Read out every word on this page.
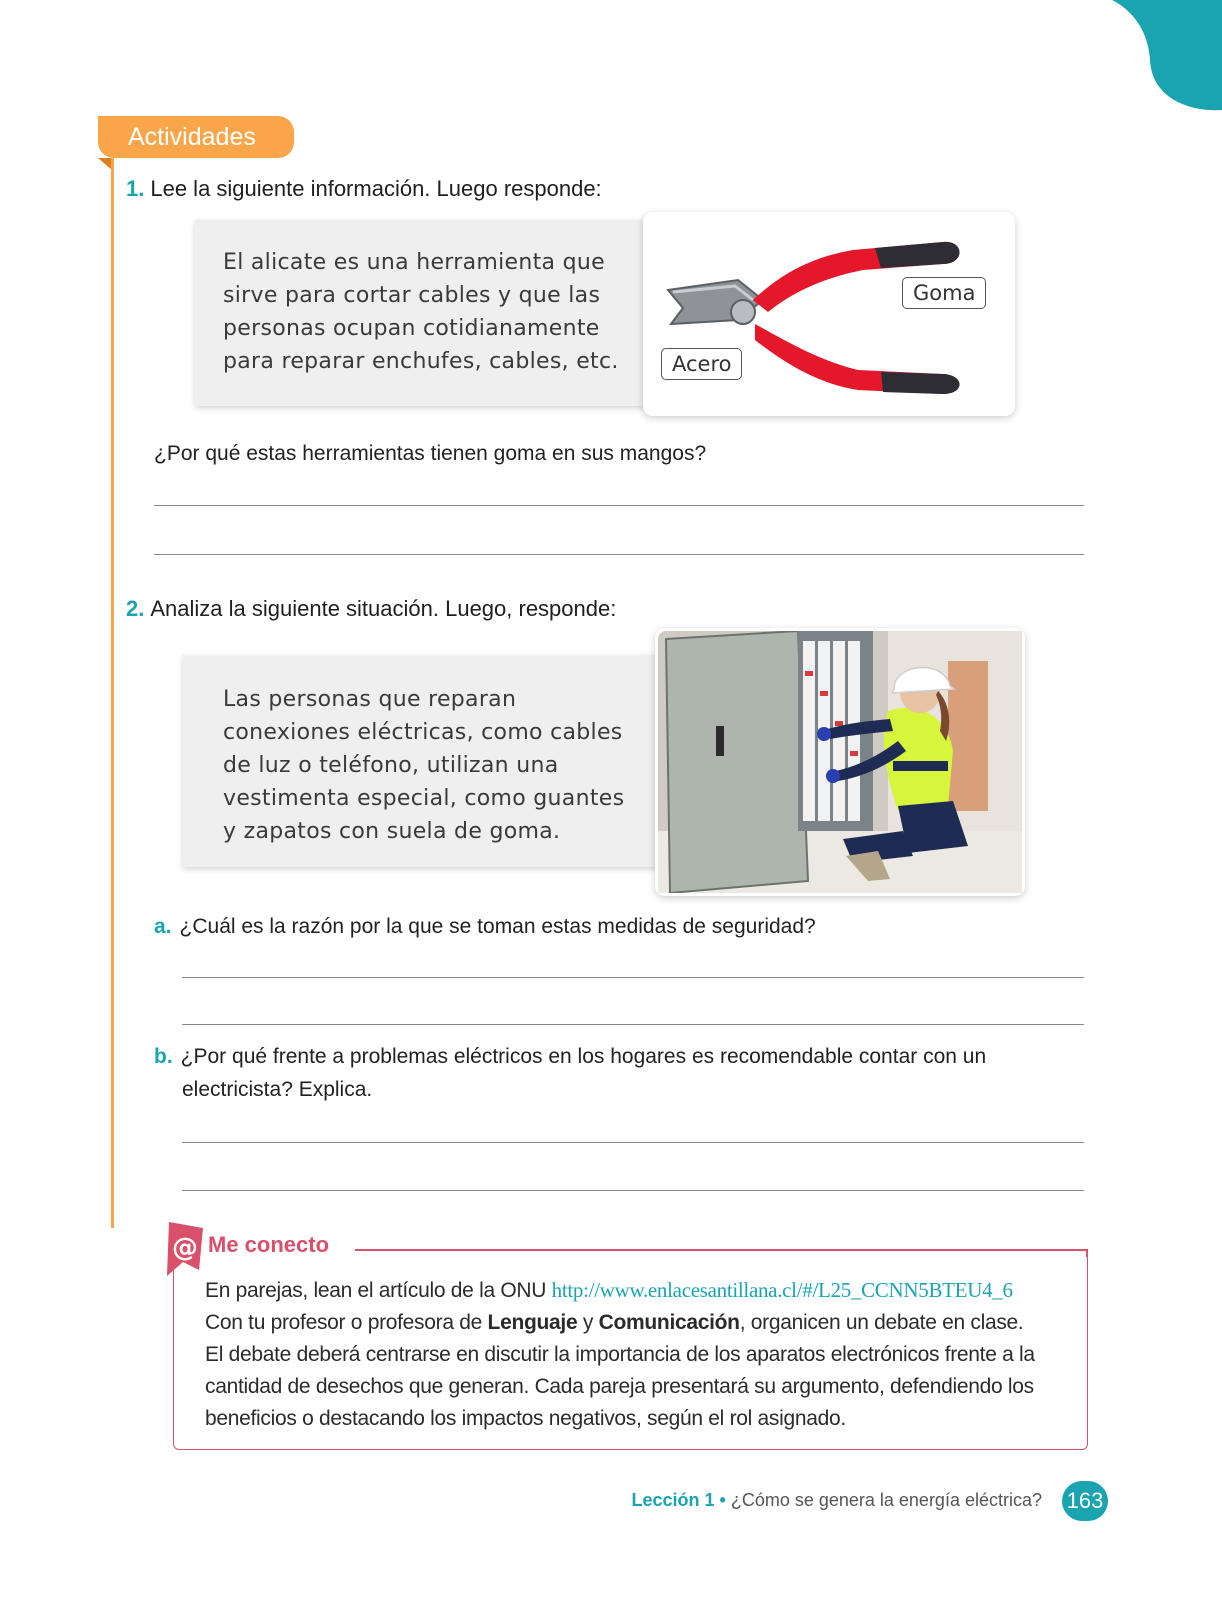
Actividades
1. Lee la siguiente información. Luego responde:
El alicate es una herramienta que
sirve para cortar cables y que las
personas ocupan cotidianamente
para reparar enchufes, cables, etc.
Goma
Acero
¿Por qué estas herramientas tienen goma en sus mangos?
2. Analiza la siguiente situación. Luego, responde:
Las personas que reparan
conexiones eléctricas, como cables
de luz o teléfono, utilizan una
vestimenta especial, como guantes
y zapatos con suela de goma.
a. ¿Cuál es la razón por la que se toman estas medidas de seguridad?
b. ¿Por qué frente a problemas eléctricos en los hogares es recomendable contar con un
electricista? Explica.
@ Me conecto
En parejas, lean el artículo de la ONU http://www.enlacesantillana.cl/#/L25_CCNN5BTEU4_6
Con tu profesor o profesora de Lenguaje y Comunicación, organicen un debate en clase.
El debate deberá centrarse en discutir la importancia de los aparatos electrónicos frente a la
cantidad de desechos que generan. Cada pareja presentará su argumento, defendiendo los
beneficios o destacando los impactos negativos, según el rol asignado.
Lección 1 • ¿Cómo se genera la energía eléctrica? 163
